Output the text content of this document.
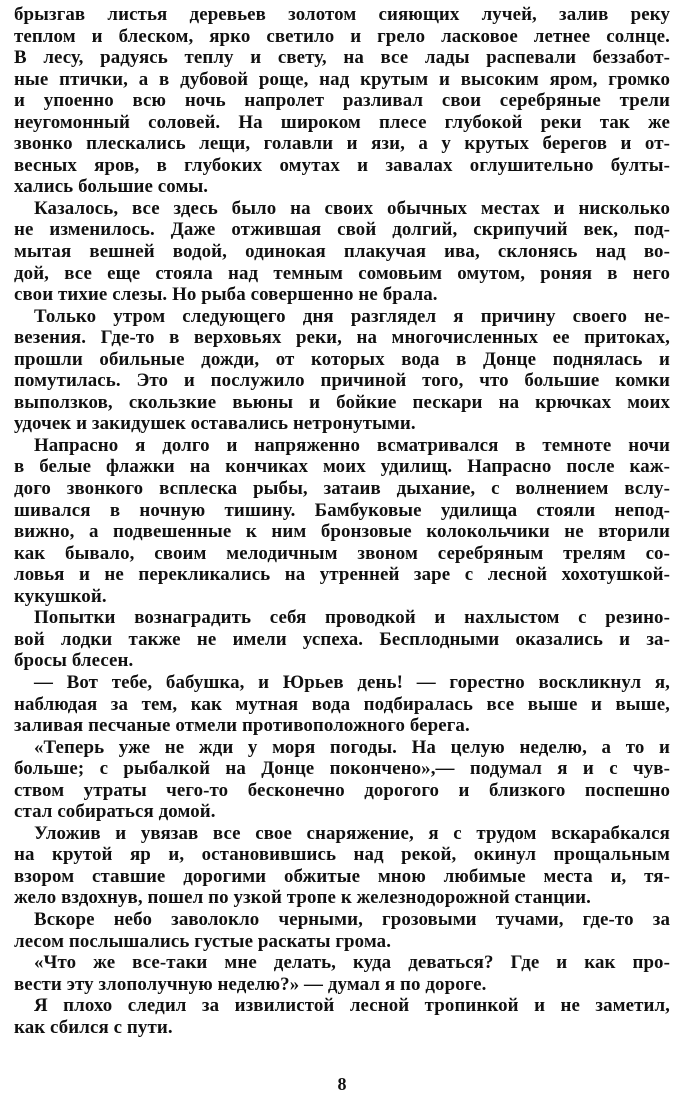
брызгав листья деревьев золотом сияющих лучей, залив реку
теплом и блеском, ярко светило и грело ласковое летнее солнце.
В лесу, радуясь теплу и свету, на все лады распевали беззабот-
ные птички, а в дубовой роще, над крутым и высоким яром, громко
и упоенно всю ночь напролет разливал свои серебряные трели
неугомонный соловей. На широком плесе глубокой реки так же
звонко плескались лещи, голавли и язи, а у крутых берегов и от-
весных яров, в глубоких омутах и завалах оглушительно булты-
хались большие сомы.
Казалось, все здесь было на своих обычных местах и нисколько
не изменилось. Даже отжившая свой долгий, скрипучий век, под-
мытая вешней водой, одинокая плакучая ива, склонясь над во-
дой, все еще стояла над темным сомовьим омутом, роняя в него
свои тихие слезы. Но рыба совершенно не брала.
Только утром следующего дня разглядел я причину своего не-
везения. Где-то в верховьях реки, на многочисленных ее притоках,
прошли обильные дожди, от которых вода в Донце поднялась и
помутилась. Это и послужило причиной того, что большие комки
выползков, скользкие вьюны и бойкие пескари на крючках моих
удочек и закидушек оставались нетронутыми.
Напрасно я долго и напряженно всматривался в темноте ночи
в белые флажки на кончиках моих удилищ. Напрасно после каж-
дого звонкого всплеска рыбы, затаив дыхание, с волнением вслу-
шивался в ночную тишину. Бамбуковые удилища стояли непод-
вижно, а подвешенные к ним бронзовые колокольчики не вторили
как бывало, своим мелодичным звоном серебряным трелям со-
ловья и не перекликались на утренней заре с лесной хохотушкой-
кукушкой.
Попытки вознаградить себя проводкой и нахлыстом с резино-
вой лодки также не имели успеха. Бесплодными оказались и за-
бросы блесен.
— Вот тебе, бабушка, и Юрьев день! — горестно воскликнул я,
наблюдая за тем, как мутная вода подбиралась все выше и выше,
заливая песчаные отмели противоположного берега.
«Теперь уже не жди у моря погоды. На целую неделю, а то и
больше; с рыбалкой на Донце покончено»,— подумал я и с чув-
ством утраты чего-то бесконечно дорогого и близкого поспешно
стал собираться домой.
Уложив и увязав все свое снаряжение, я с трудом вскарабкался
на крутой яр и, остановившись над рекой, окинул прощальным
взором ставшие дорогими обжитые мною любимые места и, тя-
жело вздохнув, пошел по узкой тропе к железнодорожной станции.
Вскоре небо заволокло черными, грозовыми тучами, где-то за
лесом послышались густые раскаты грома.
«Что же все-таки мне делать, куда деваться? Где и как про-
вести эту злополучную неделю?» — думал я по дороге.
Я плохо следил за извилистой лесной тропинкой и не заметил,
как сбился с пути.
8
